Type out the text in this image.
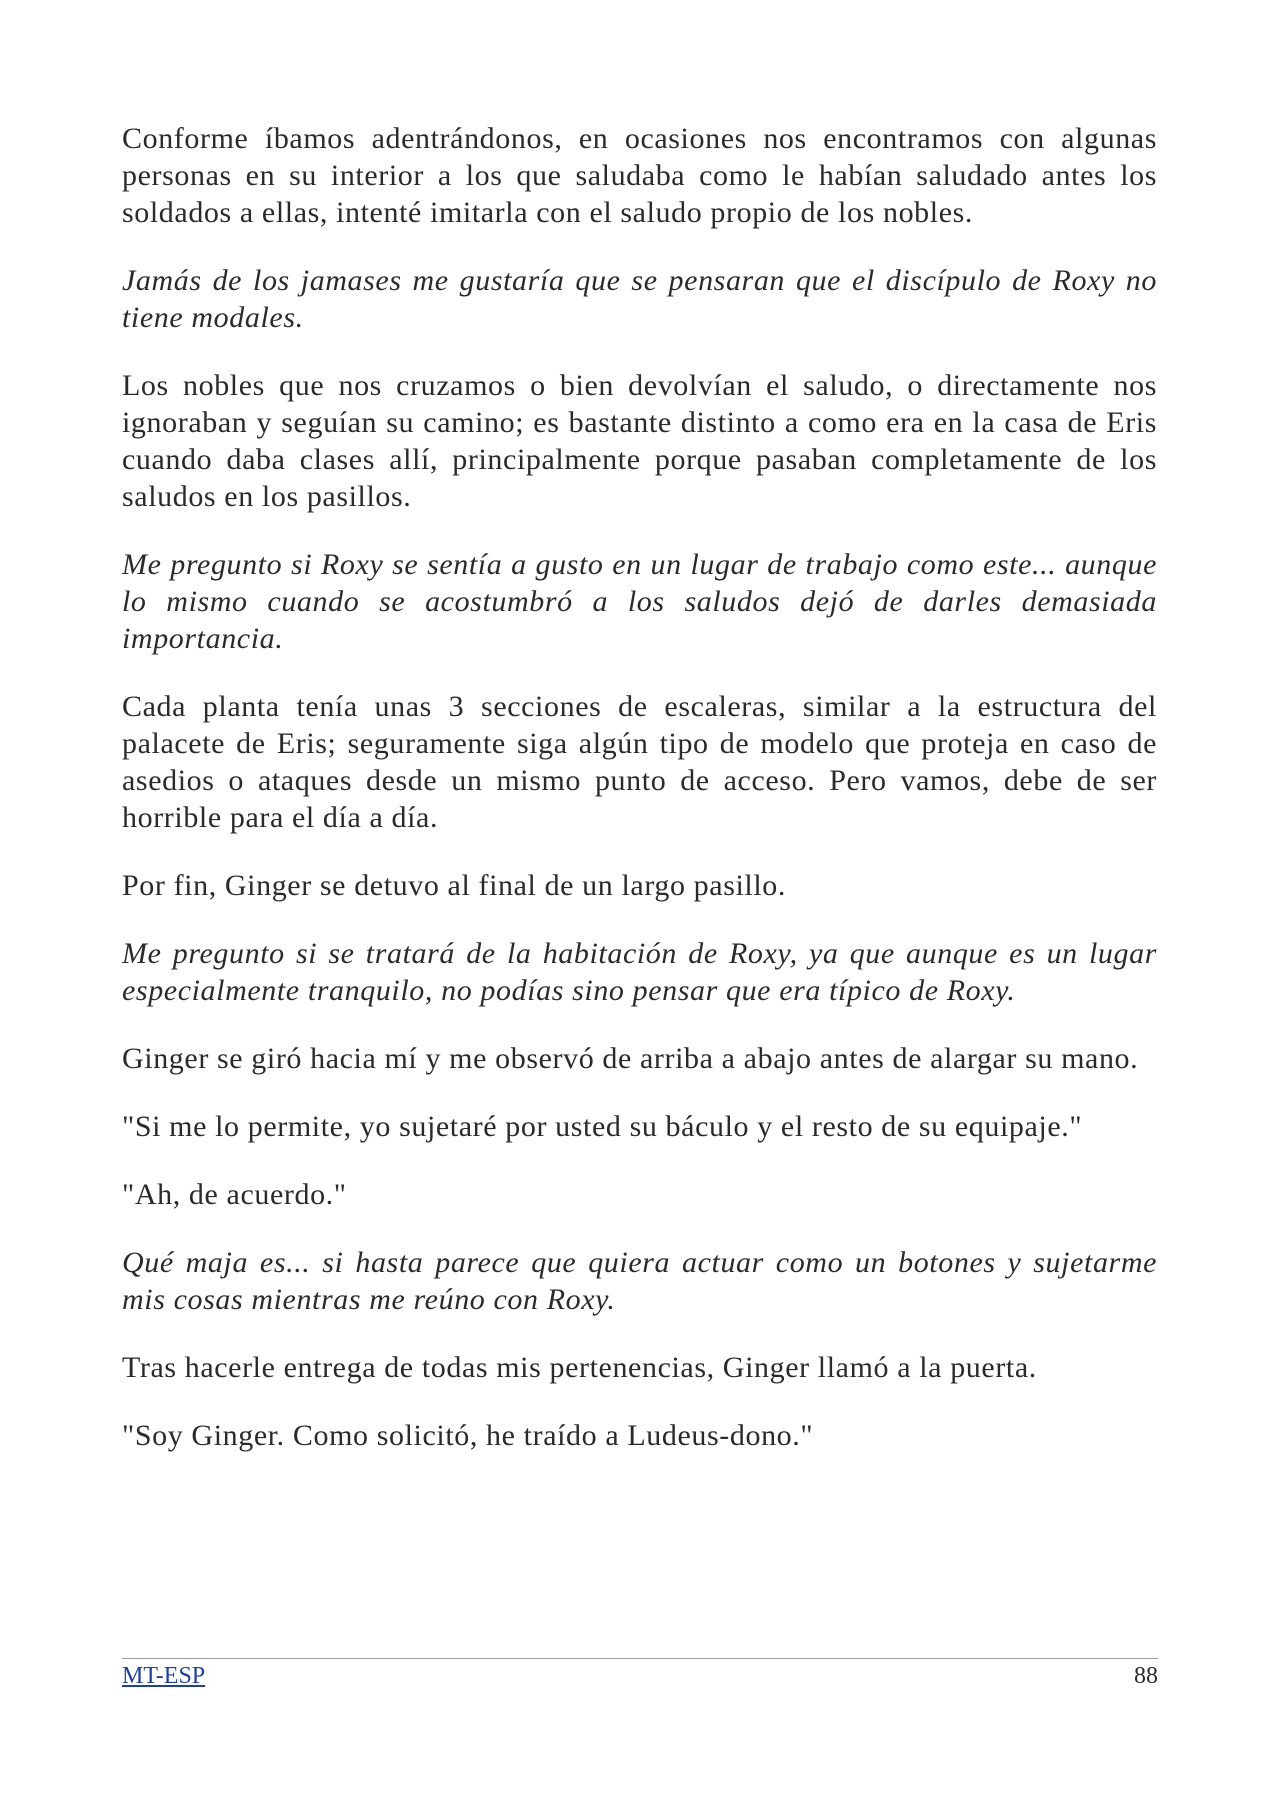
Conforme íbamos adentrándonos, en ocasiones nos encontramos con algunas personas en su interior a los que saludaba como le habían saludado antes los soldados a ellas, intenté imitarla con el saludo propio de los nobles.

Jamás de los jamases me gustaría que se pensaran que el discípulo de Roxy no tiene modales.

Los nobles que nos cruzamos o bien devolvían el saludo, o directamente nos ignoraban y seguían su camino; es bastante distinto a como era en la casa de Eris cuando daba clases allí, principalmente porque pasaban completamente de los saludos en los pasillos.

Me pregunto si Roxy se sentía a gusto en un lugar de trabajo como este... aunque lo mismo cuando se acostumbró a los saludos dejó de darles demasiada importancia.

Cada planta tenía unas 3 secciones de escaleras, similar a la estructura del palacete de Eris; seguramente siga algún tipo de modelo que proteja en caso de asedios o ataques desde un mismo punto de acceso. Pero vamos, debe de ser horrible para el día a día.

Por fin, Ginger se detuvo al final de un largo pasillo.

Me pregunto si se tratará de la habitación de Roxy, ya que aunque es un lugar especialmente tranquilo, no podías sino pensar que era típico de Roxy.

Ginger se giró hacia mí y me observó de arriba a abajo antes de alargar su mano.

"Si me lo permite, yo sujetaré por usted su báculo y el resto de su equipaje."

"Ah, de acuerdo."

Qué maja es... si hasta parece que quiera actuar como un botones y sujetarme mis cosas mientras me reúno con Roxy.

Tras hacerle entrega de todas mis pertenencias, Ginger llamó a la puerta.

"Soy Ginger. Como solicitó, he traído a Ludeus-dono."

MT-ESP	88
